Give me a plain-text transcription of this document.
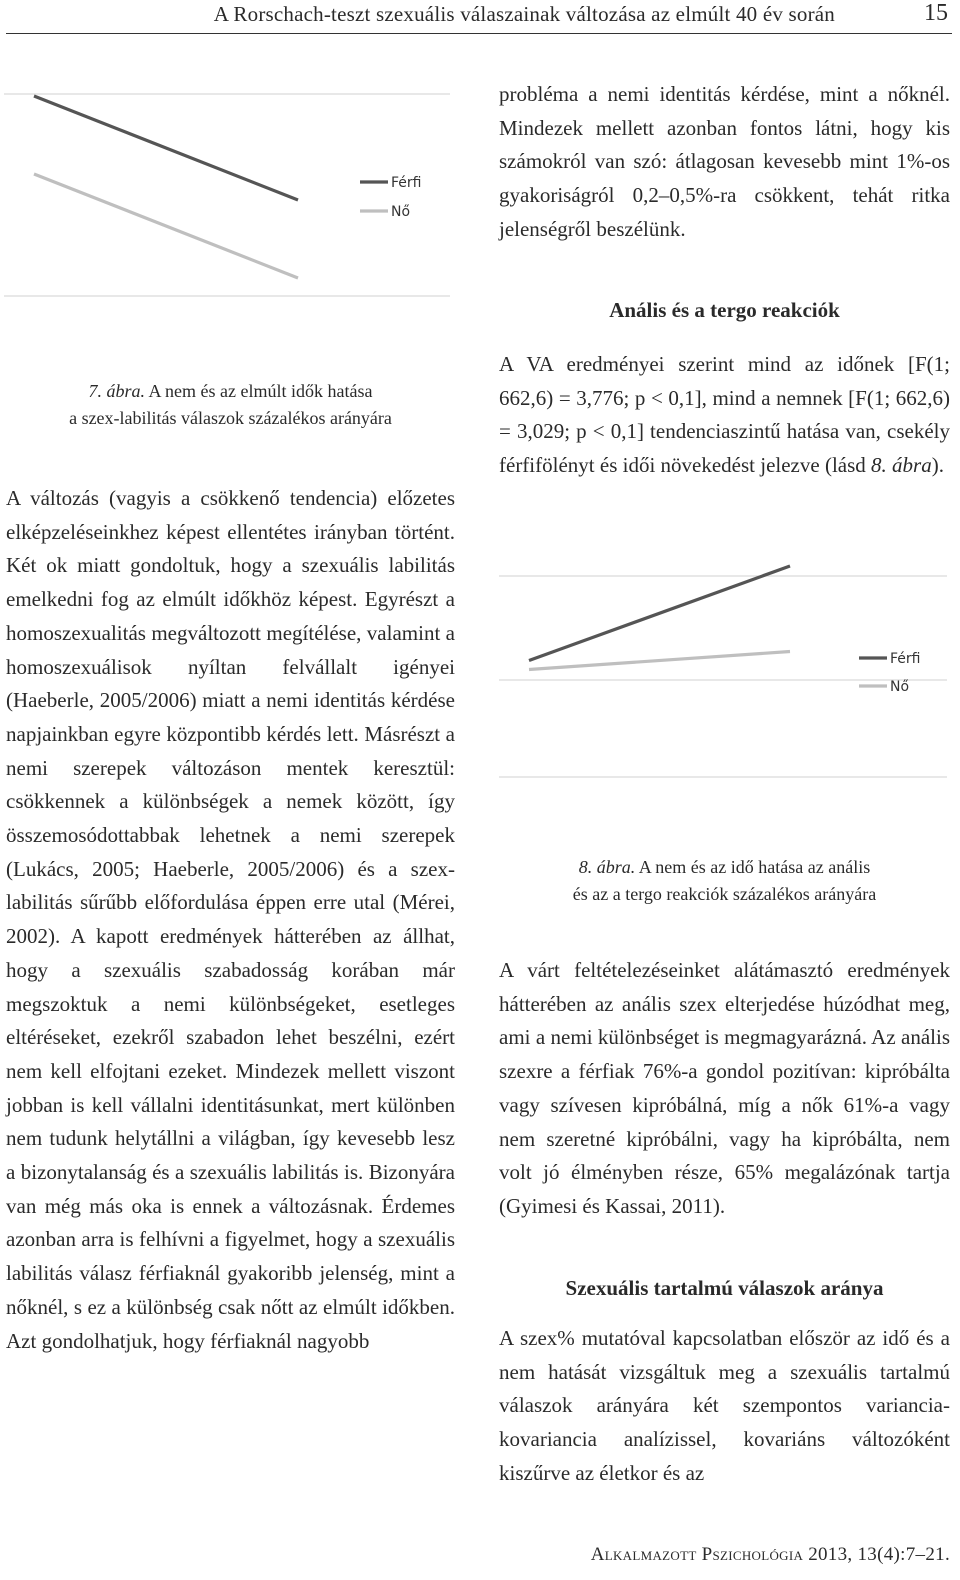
A Rorschach-teszt szexuális válaszainak változása az elmúlt 40 év során	15
Férfi
Nő
7. ábra. A nem és az elmúlt idők hatása
a szex-labilitás válaszok százalékos arányára

A változás (vagyis a csökkenő tendencia) előzetes elképzeléseinkhez képest ellentétes irányban történt. Két ok miatt gondoltuk, hogy a szexuális labilitás emelkedni fog az elmúlt időkhöz képest. Egyrészt a homoszexualitás megváltozott megítélése, valamint a homoszexuálisok nyíltan felvállalt igényei (Haeberle, 2005/2006) miatt a nemi identitás kérdése napjainkban egyre központibb kérdés lett. Másrészt a nemi szerepek változáson mentek keresztül: csökkennek a különbségek a nemek között, így összemosódottabbak lehetnek a nemi szerepek (Lukács, 2005; Haeberle, 2005/2006) és a szex-labilitás sűrűbb előfordulása éppen erre utal (Mérei, 2002). A kapott eredmények hátterében az állhat, hogy a szexuális szabadosság korában már megszoktuk a nemi különbségeket, esetleges eltéréseket, ezekről szabadon lehet beszélni, ezért nem kell elfojtani ezeket. Mindezek mellett viszont jobban is kell vállalni identitásunkat, mert különben nem tudunk helytállni a világban, így kevesebb lesz a bizonytalanság és a szexuális labilitás is. Bizonyára van még más oka is ennek a változásnak. Érdemes azonban arra is felhívni a figyelmet, hogy a szexuális labilitás válasz férfiaknál gyakoribb jelenség, mint a nőknél, s ez a különbség csak nőtt az elmúlt időkben. Azt gondolhatjuk, hogy férfiaknál nagyobb

probléma a nemi identitás kérdése, mint a nőknél. Mindezek mellett azonban fontos látni, hogy kis számokról van szó: átlagosan kevesebb mint 1%-os gyakoriságról 0,2–0,5%-ra csökkent, tehát ritka jelenségről beszélünk.

Anális és a tergo reakciók

A VA eredményei szerint mind az időnek [F(1; 662,6) = 3,776; p < 0,1], mind a nemnek [F(1; 662,6) = 3,029; p < 0,1] tendenciaszintű hatása van, csekély férfifölényt és idői növekedést jelezve (lásd 8. ábra).

Férfi
Nő
8. ábra. A nem és az idő hatása az anális
és az a tergo reakciók százalékos arányára

A várt feltételezéseinket alátámasztó eredmények hátterében az anális szex elterjedése húzódhat meg, ami a nemi különbséget is megmagyarázná. Az anális szexre a férfiak 76%-a gondol pozitívan: kipróbálta vagy szívesen kipróbálná, míg a nők 61%-a vagy nem szeretné kipróbálni, vagy ha kipróbálta, nem volt jó élményben része, 65% megalázónak tartja (Gyimesi és Kassai, 2011).

Szexuális tartalmú válaszok aránya

A szex% mutatóval kapcsolatban először az idő és a nem hatását vizsgáltuk meg a szexuális tartalmú válaszok arányára két szempontos variancia-kovariancia analízissel, kovariáns változóként kiszűrve az életkor és az

Alkalmazott Pszichológia 2013, 13(4):7–21.
